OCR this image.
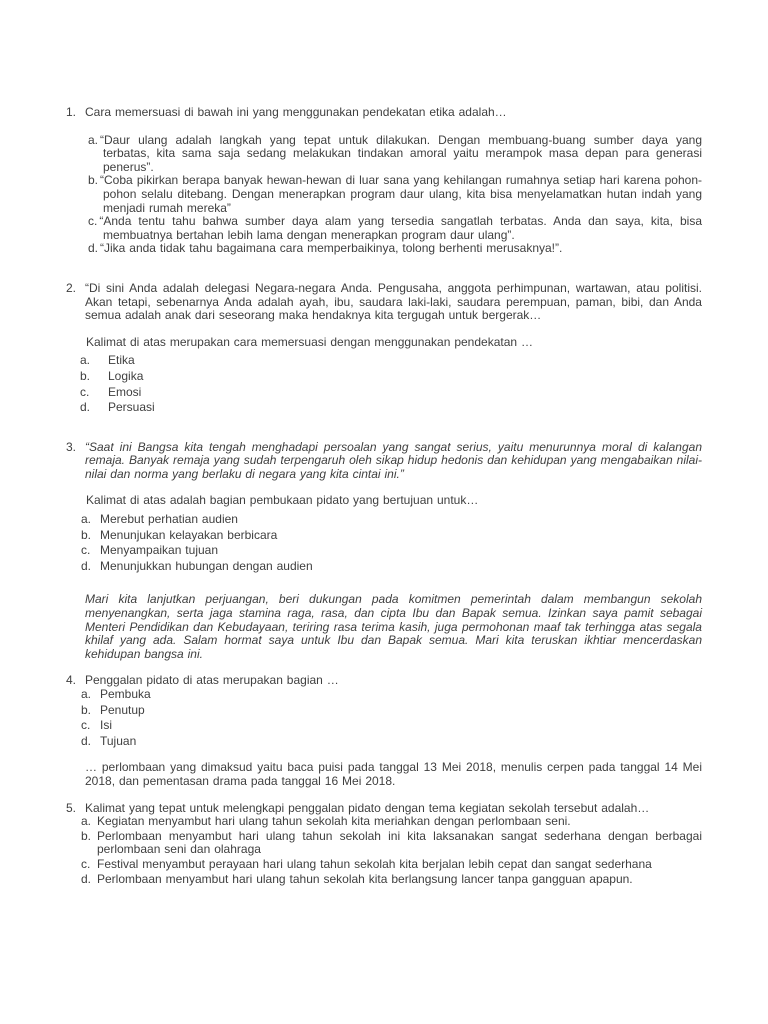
1. Cara memersuasi di bawah ini yang menggunakan pendekatan etika adalah…
a. “Daur ulang adalah langkah yang tepat untuk dilakukan. Dengan membuang-buang sumber daya yang terbatas, kita sama saja sedang melakukan tindakan amoral yaitu merampok masa depan para generasi penerus”.
b. “Coba pikirkan berapa banyak hewan-hewan di luar sana yang kehilangan rumahnya setiap hari karena pohon-pohon selalu ditebang. Dengan menerapkan program daur ulang, kita bisa menyelamatkan hutan indah yang menjadi rumah mereka”
c. “Anda tentu tahu bahwa sumber daya alam yang tersedia sangatlah terbatas. Anda dan saya, kita, bisa membuatnya bertahan lebih lama dengan menerapkan program daur ulang”.
d. “Jika anda tidak tahu bagaimana cara memperbaikinya, tolong berhenti merusaknya!”.
2. “Di sini Anda adalah delegasi Negara-negara Anda. Pengusaha, anggota perhimpunan, wartawan, atau politisi. Akan tetapi, sebenarnya Anda adalah ayah, ibu, saudara laki-laki, saudara perempuan, paman, bibi, dan Anda semua adalah anak dari seseorang maka hendaknya kita tergugah untuk bergerak…
Kalimat di atas merupakan cara memersuasi dengan menggunakan pendekatan …
a.	Etika
b.	Logika
c.	Emosi
d.	Persuasi
3. “Saat ini Bangsa kita tengah menghadapi persoalan yang sangat serius, yaitu menurunnya moral di kalangan remaja. Banyak remaja yang sudah terpengaruh oleh sikap hidup hedonis dan kehidupan yang mengabaikan nilai-nilai dan norma yang berlaku di negara yang kita cintai ini.”
Kalimat di atas adalah bagian pembukaan pidato yang bertujuan untuk…
a. Merebut perhatian audien
b. Menunjukan kelayakan berbicara
c. Menyampaikan tujuan
d. Menunjukkan hubungan dengan audien
Mari kita lanjutkan perjuangan, beri dukungan pada komitmen pemerintah dalam membangun sekolah menyenangkan, serta jaga stamina raga, rasa, dan cipta Ibu dan Bapak semua. Izinkan saya pamit sebagai Menteri Pendidikan dan Kebudayaan, teriring rasa terima kasih, juga permohonan maaf tak terhingga atas segala khilaf yang ada. Salam hormat saya untuk Ibu dan Bapak semua. Mari kita teruskan ikhtiar mencerdaskan kehidupan bangsa ini.
4. Penggalan pidato di atas merupakan bagian …
a. Pembuka
b. Penutup
c. Isi
d. Tujuan
… perlombaan yang dimaksud yaitu baca puisi pada tanggal 13 Mei 2018, menulis cerpen pada tanggal 14 Mei 2018, dan pementasan drama pada tanggal 16 Mei 2018.
5. Kalimat yang tepat untuk melengkapi penggalan pidato dengan tema kegiatan sekolah tersebut adalah…
a. Kegiatan menyambut hari ulang tahun sekolah kita meriahkan dengan perlombaan seni.
b. Perlombaan menyambut hari ulang tahun sekolah ini kita laksanakan sangat sederhana dengan berbagai perlombaan seni dan olahraga
c. Festival menyambut perayaan hari ulang tahun sekolah kita berjalan lebih cepat dan sangat sederhana
d. Perlombaan menyambut hari ulang tahun sekolah kita berlangsung lancer tanpa gangguan apapun.
